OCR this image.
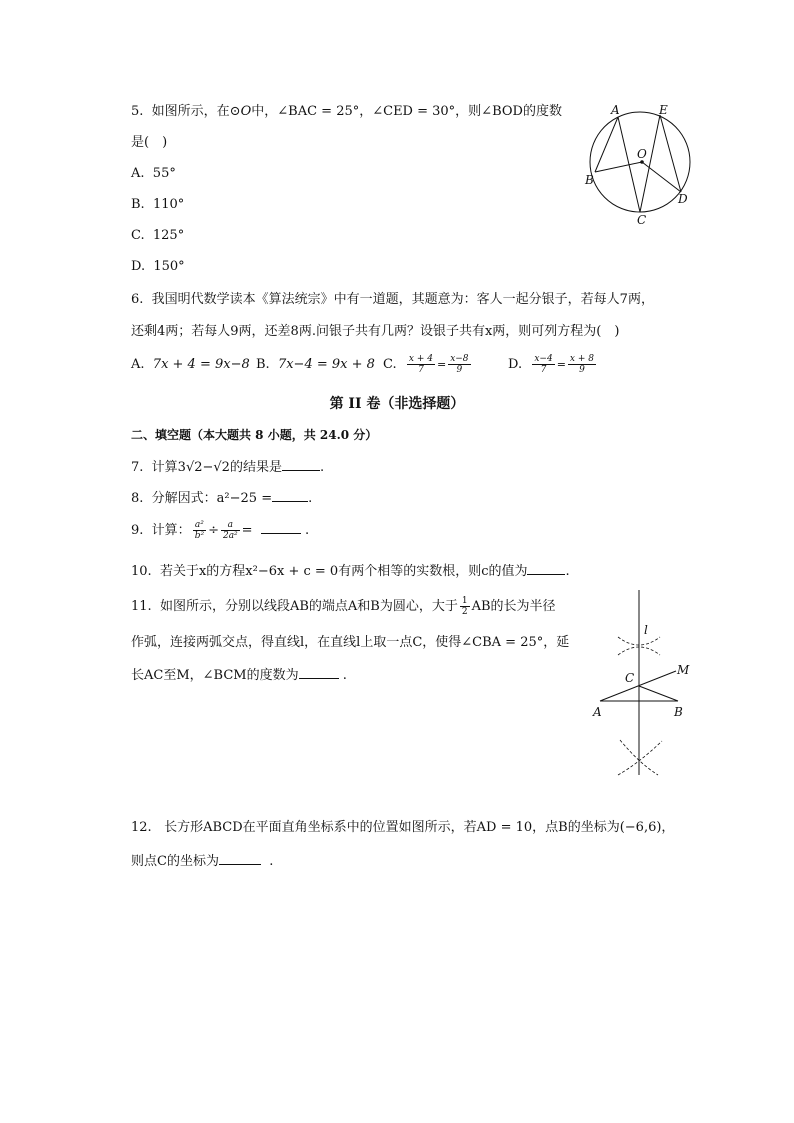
5. 如图所示，在⊙O中，∠BAC = 25°，∠CED = 30°，则∠BOD的度数
是(　)
A. 55°
B. 110°
C. 125°
D. 150°
A	E
O
B
D
C
6. 我国明代数学读本《算法统宗》中有一道题，其题意为：客人一起分银子，若每人7两，
还剩4两；若每人9两，还差8两.问银子共有几两？设银子共有x两，则可列方程为(　)
A. 7x + 4 = 9x−8 B. 7x−4 = 9x + 8 C. $\frac{x + 4}{7} = \frac{x-8}{9}$	D. $\frac{x-4}{7} = \frac{x + 8}{9}$
第 II 卷（非选择题）
二、填空题（本大题共 8 小题，共 24.0 分）
7. 计算3√2−√2的结果是	.
8. 分解因式：a²−25 =	.
9. 计算： $\frac{\text{a²}}{\text{b²}} \div \frac{a}{\text{2a²}}$ =	.
10. 若关于x的方程x²−6x + c = 0有两个相等的实数根，则c的值为	.
11. 如图所示，分别以线段AB的端点A和B为圆心，大于 $\frac{1}{2}$ AB的长为半径
作弧，连接两弧交点，得直线l，在直线l上取一点C，使得∠CBA = 25°，延
长AC至M，∠BCM的度数为	.
l
M
C
A	B
12. 长方形ABCD在平面直角坐标系中的位置如图所示，若AD = 10，点B的坐标为(−6,6)，
则点C的坐标为	.
